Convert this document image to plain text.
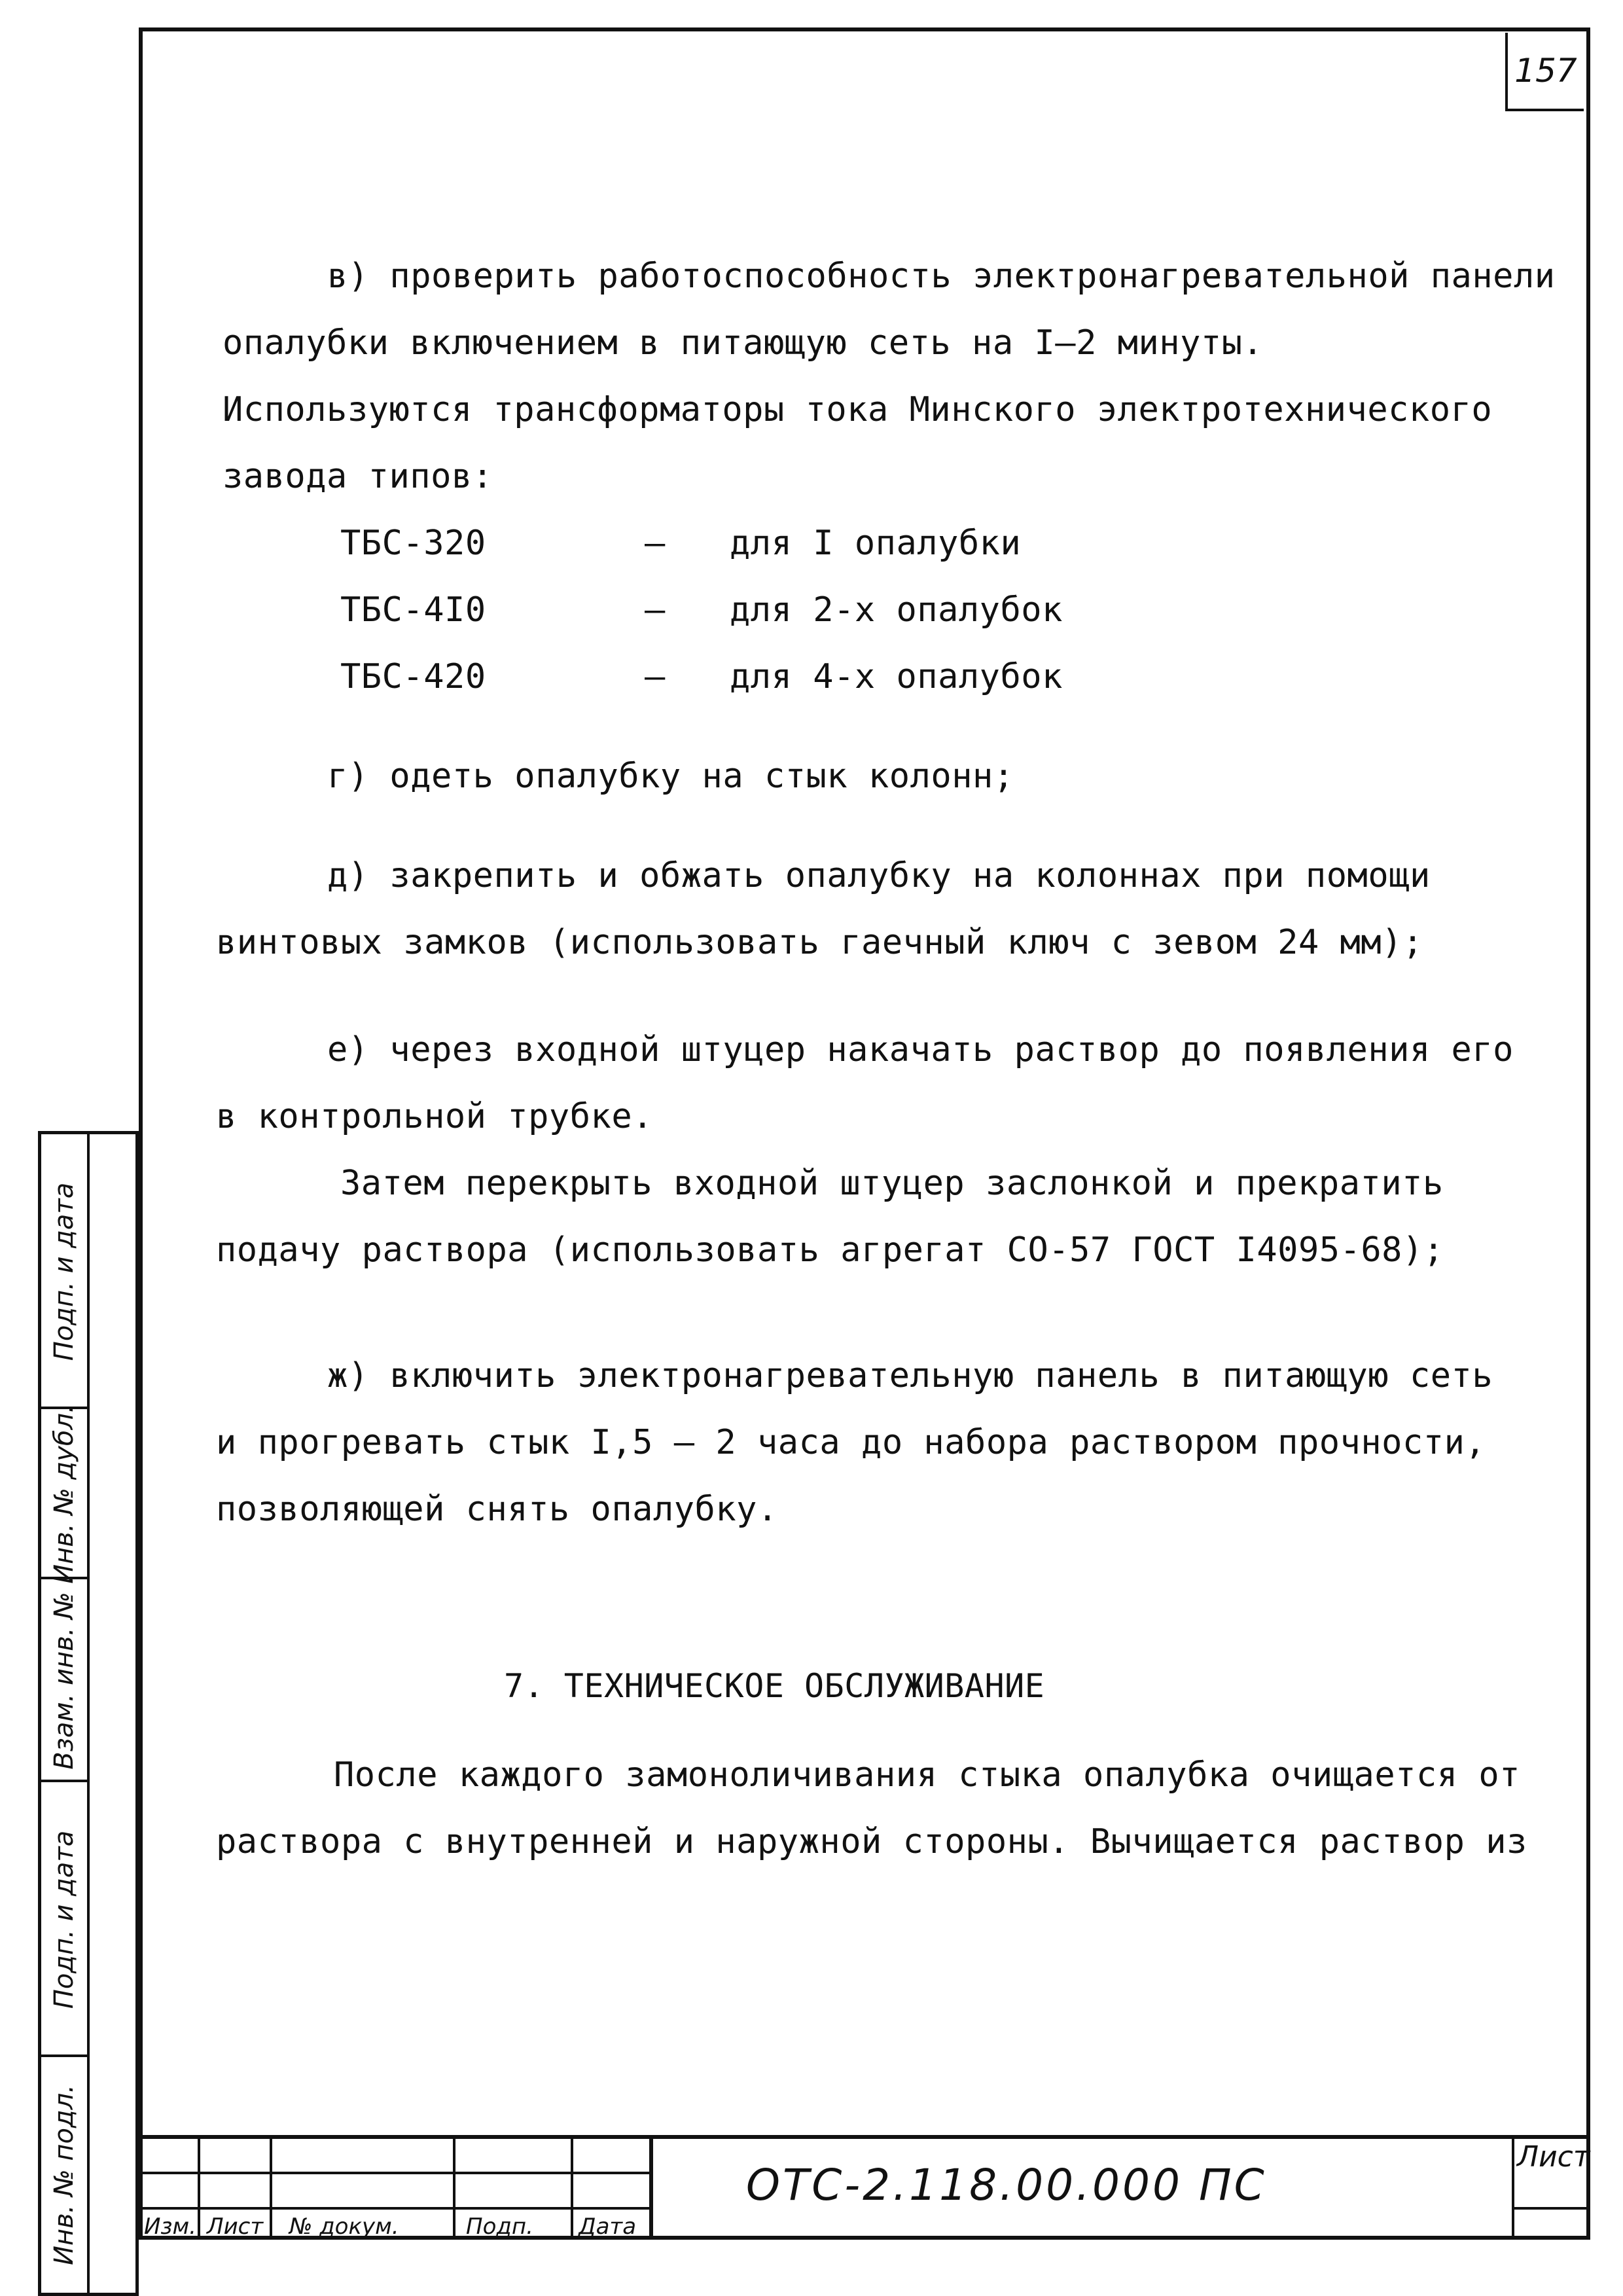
157
в) проверить работоспособность электронагревательной панели
опалубки включением в питающую сеть на I–2 минуты.
Используются трансформаторы тока Минского электротехнического
завода типов:
ТБС-320	– для I опалубки
ТБС-4I0	– для 2-х опалубок
ТБС-420	– для 4-х опалубок
г) одеть опалубку на стык колонн;
д) закрепить и обжать опалубку на колоннах при помощи
винтовых замков (использовать гаечный ключ с зевом 24 мм);
е) через входной штуцер накачать раствор до появления его
в контрольной трубке.
Затем перекрыть входной штуцер заслонкой и прекратить
подачу раствора (использовать агрегат СО-57 ГОСТ I4095-68);
ж) включить электронагревательную панель в питающую сеть
и прогревать стык I,5 – 2 часа до набора раствором прочности,
позволяющей снять опалубку.
7. ТЕХНИЧЕСКОЕ ОБСЛУЖИВАНИЕ
После каждого замоноличивания стыка опалубка очищается от
раствора с внутренней и наружной стороны. Вычищается раствор из
Подп. и дата
Инв. № дубл.
Взам. инв. №
Подп. и дата
Инв. № подл.	Изм. Лист № докум.	Подп. Дата
ОТС-2.118.00.000 ПС
Лист
